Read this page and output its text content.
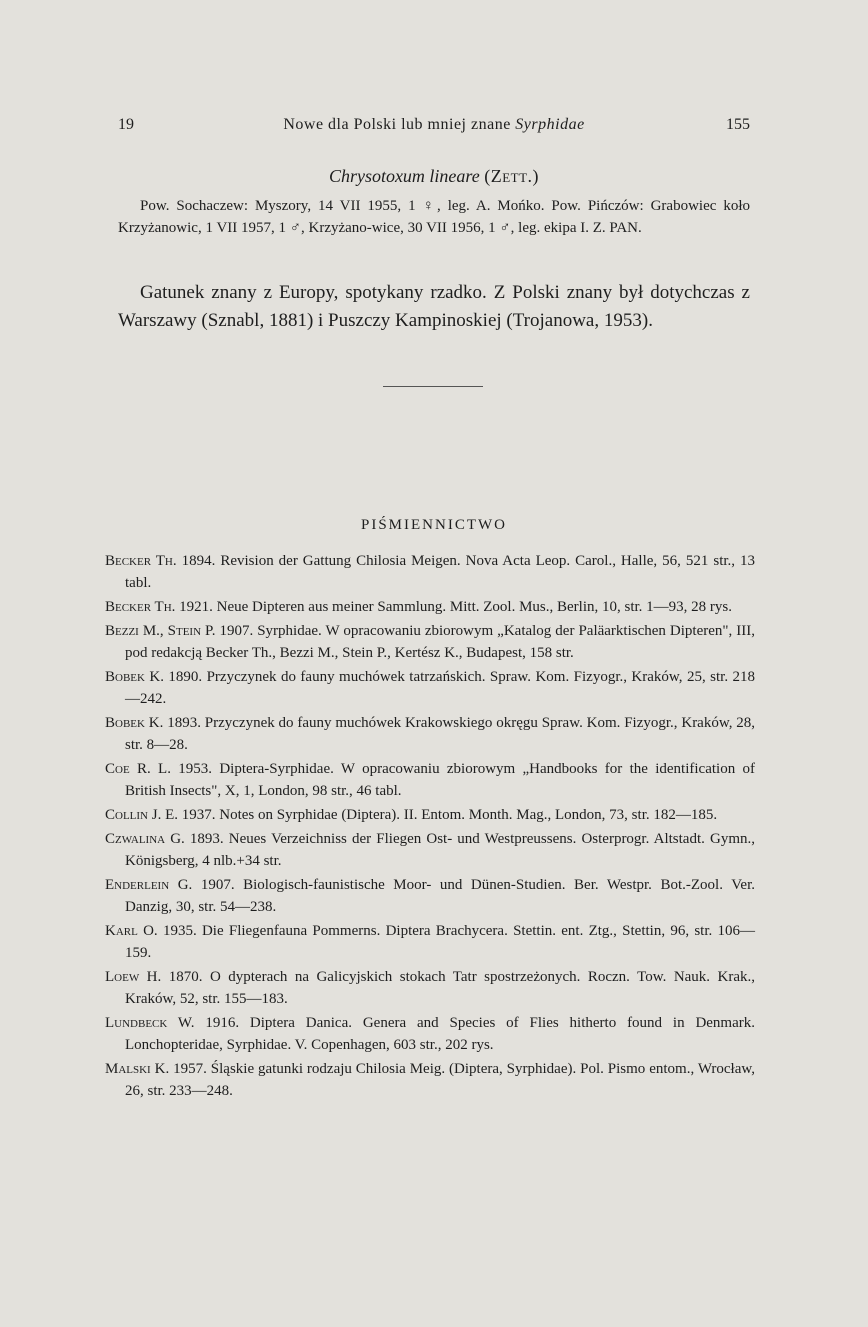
19	Nowe dla Polski lub mniej znane Syrphidae	155
Chrysotoxum lineare (Zett.)

Pow. Sochaczew: Myszory, 14 VII 1955, 1 ♀, leg. A. Mońko. Pow. Pińczów: Grabowiec koło Krzyżanowic, 1 VII 1957, 1 ♂, Krzyżano-wice, 30 VII 1956, 1 ♂, leg. ekipa I. Z. PAN.

Gatunek znany z Europy, spotykany rzadko. Z Polski znany był dotychczas z Warszawy (Sznabl, 1881) i Puszczy Kampinoskiej (Trojanowa, 1953).

PIŚMIENNICTWO

Becker Th. 1894. Revision der Gattung Chilosia Meigen. Nova Acta Leop. Carol., Halle, 56, 521 str., 13 tabl.

Becker Th. 1921. Neue Dipteren aus meiner Sammlung. Mitt. Zool. Mus., Berlin, 10, str. 1—93, 28 rys.

Bezzi M., Stein P. 1907. Syrphidae. W opracowaniu zbiorowym „Katalog der Paläarktischen Dipteren", III, pod redakcją Becker Th., Bezzi M., Stein P., Kertész K., Budapest, 158 str.

Bobek K. 1890. Przyczynek do fauny muchówek tatrzańskich. Spraw. Kom. Fizyogr., Kraków, 25, str. 218—242.

Bobek K. 1893. Przyczynek do fauny muchówek Krakowskiego okręgu Spraw. Kom. Fizyogr., Kraków, 28, str. 8—28.

Coe R. L. 1953. Diptera-Syrphidae. W opracowaniu zbiorowym „Handbooks for the identification of British Insects", X, 1, London, 98 str., 46 tabl.

Collin J. E. 1937. Notes on Syrphidae (Diptera). II. Entom. Month. Mag., London, 73, str. 182—185.

Czwalina G. 1893. Neues Verzeichniss der Fliegen Ost- und Westpreussens. Osterprogr. Altstadt. Gymn., Königsberg, 4 nlb.+34 str.

Enderlein G. 1907. Biologisch-faunistische Moor- und Dünen-Studien. Ber. Westpr. Bot.-Zool. Ver. Danzig, 30, str. 54—238.

Karl O. 1935. Die Fliegenfauna Pommerns. Diptera Brachycera. Stettin. ent. Ztg., Stettin, 96, str. 106—159.

Loew H. 1870. O dypterach na Galicyjskich stokach Tatr spostrzeżonych. Roczn. Tow. Nauk. Krak., Kraków, 52, str. 155—183.

Lundbeck W. 1916. Diptera Danica. Genera and Species of Flies hitherto found in Denmark. Lonchopteridae, Syrphidae. V. Copenhagen, 603 str., 202 rys.

Malski K. 1957. Śląskie gatunki rodzaju Chilosia Meig. (Diptera, Syrphidae). Pol. Pismo entom., Wrocław, 26, str. 233—248.
